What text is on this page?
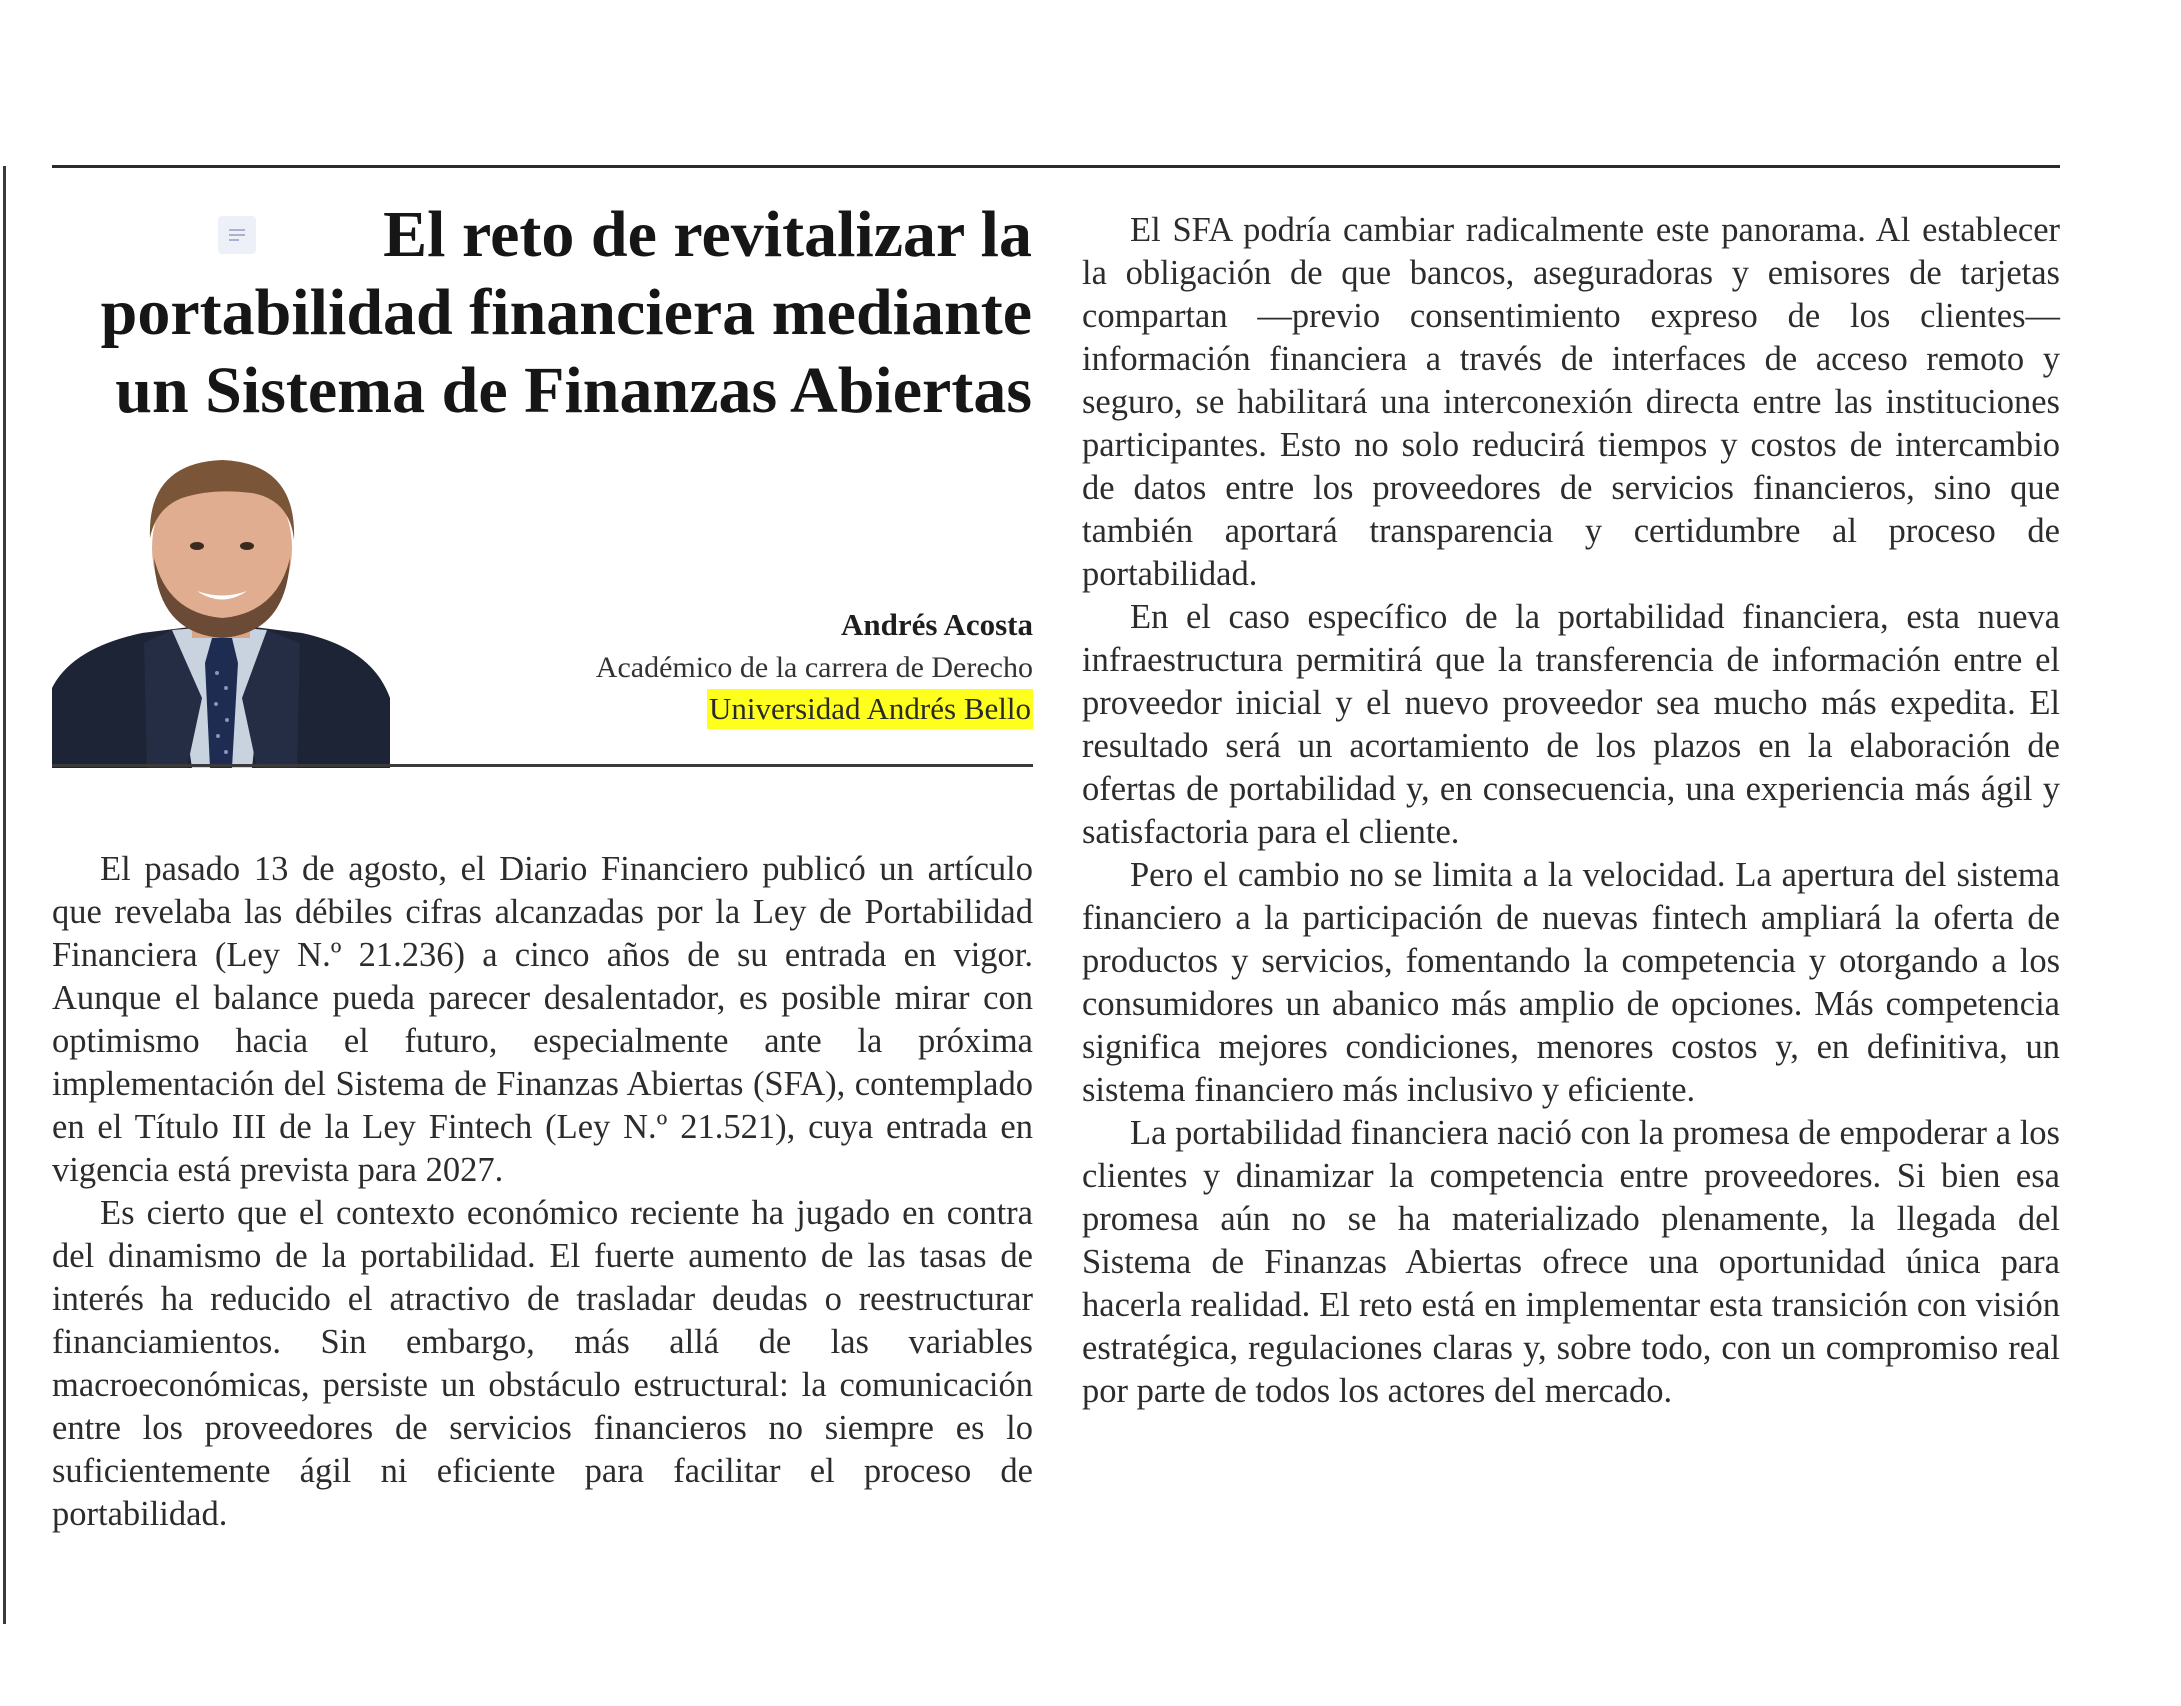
El reto de revitalizar la portabilidad financiera mediante un Sistema de Finanzas Abiertas
Andrés Acosta
Académico de la carrera de Derecho
Universidad Andrés Bello

El pasado 13 de agosto, el Diario Financiero publicó un artículo que revelaba las débiles cifras alcanzadas por la Ley de Portabilidad Financiera (Ley N.º 21.236) a cinco años de su entrada en vigor. Aunque el balance pueda parecer desalentador, es posible mirar con optimismo hacia el futuro, especialmente ante la próxima implementación del Sistema de Finanzas Abiertas (SFA), contemplado en el Título III de la Ley Fintech (Ley N.º 21.521), cuya entrada en vigencia está prevista para 2027.

Es cierto que el contexto económico reciente ha jugado en contra del dinamismo de la portabilidad. El fuerte aumento de las tasas de interés ha reducido el atractivo de trasladar deudas o reestructurar financiamientos. Sin embargo, más allá de las variables macroeconómicas, persiste un obstáculo estructural: la comunicación entre los proveedores de servicios financieros no siempre es lo suficientemente ágil ni eficiente para facilitar el proceso de portabilidad.

El SFA podría cambiar radicalmente este panorama. Al establecer la obligación de que bancos, aseguradoras y emisores de tarjetas compartan —previo consentimiento expreso de los clientes— información financiera a través de interfaces de acceso remoto y seguro, se habilitará una interconexión directa entre las instituciones participantes. Esto no solo reducirá tiempos y costos de intercambio de datos entre los proveedores de servicios financieros, sino que también aportará transparencia y certidumbre al proceso de portabilidad.

En el caso específico de la portabilidad financiera, esta nueva infraestructura permitirá que la transferencia de información entre el proveedor inicial y el nuevo proveedor sea mucho más expedita. El resultado será un acortamiento de los plazos en la elaboración de ofertas de portabilidad y, en consecuencia, una experiencia más ágil y satisfactoria para el cliente.

Pero el cambio no se limita a la velocidad. La apertura del sistema financiero a la participación de nuevas fintech ampliará la oferta de productos y servicios, fomentando la competencia y otorgando a los consumidores un abanico más amplio de opciones. Más competencia significa mejores condiciones, menores costos y, en definitiva, un sistema financiero más inclusivo y eficiente.

La portabilidad financiera nació con la promesa de empoderar a los clientes y dinamizar la competencia entre proveedores. Si bien esa promesa aún no se ha materializado plenamente, la llegada del Sistema de Finanzas Abiertas ofrece una oportunidad única para hacerla realidad. El reto está en implementar esta transición con visión estratégica, regulaciones claras y, sobre todo, con un compromiso real por parte de todos los actores del mercado.
